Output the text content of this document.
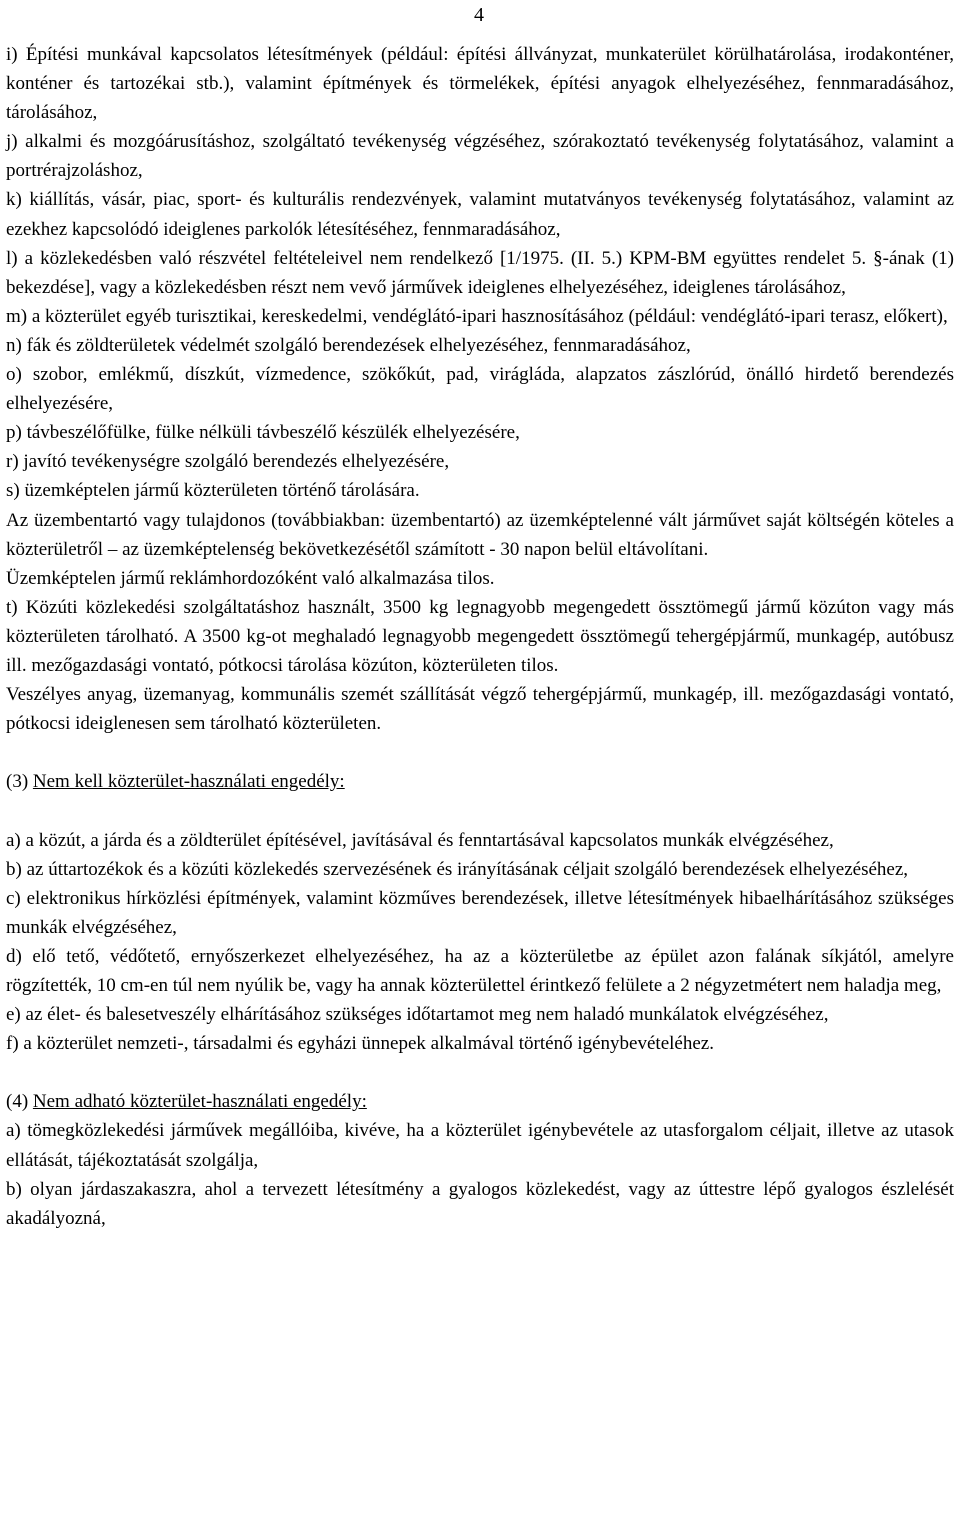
4

i) Építési munkával kapcsolatos létesítmények (például: építési állványzat, munkaterület körülhatárolása, irodakonténer, konténer és tartozékai stb.), valamint építmények és törmelékek, építési anyagok elhelyezéséhez, fennmaradásához, tárolásához,

j) alkalmi és mozgóárusításhoz, szolgáltató tevékenység végzéséhez, szórakoztató tevékenység folytatásához, valamint a portrérajzoláshoz,

k) kiállítás, vásár, piac, sport- és kulturális rendezvények, valamint mutatványos tevékenység folytatásához, valamint az ezekhez kapcsolódó ideiglenes parkolók létesítéséhez, fennmaradásához,

l) a közlekedésben való részvétel feltételeivel nem rendelkező [1/1975. (II. 5.) KPM-BM együttes rendelet 5. §-ának (1) bekezdése], vagy a közlekedésben részt nem vevő járművek ideiglenes elhelyezéséhez, ideiglenes tárolásához,

m) a közterület egyéb turisztikai, kereskedelmi, vendéglátó-ipari hasznosításához (például: vendéglátó-ipari terasz, előkert),

n) fák és zöldterületek védelmét szolgáló berendezések elhelyezéséhez, fennmaradásához,

o) szobor, emlékmű, díszkút, vízmedence, szökőkút, pad, virágláda, alapzatos zászlórúd, önálló hirdető berendezés elhelyezésére,

p) távbeszélőfülke, fülke nélküli távbeszélő készülék elhelyezésére,

r) javító tevékenységre szolgáló berendezés elhelyezésére,

s) üzemképtelen jármű közterületen történő tárolására.

Az üzembentartó vagy tulajdonos (továbbiakban: üzembentartó) az üzemképtelenné vált járművet saját költségén köteles a közterületről – az üzemképtelenség bekövetkezésétől számított - 30 napon belül eltávolítani.

Üzemképtelen jármű reklámhordozóként való alkalmazása tilos.

t) Közúti közlekedési szolgáltatáshoz használt, 3500 kg legnagyobb megengedett össztömegű jármű közúton vagy más közterületen tárolható. A 3500 kg-ot meghaladó legnagyobb megengedett össztömegű tehergépjármű, munkagép, autóbusz ill. mezőgazdasági vontató, pótkocsi tárolása közúton, közterületen tilos.

Veszélyes anyag, üzemanyag, kommunális szemét szállítását végző tehergépjármű, munkagép, ill. mezőgazdasági vontató, pótkocsi ideiglenesen sem tárolható közterületen.

(3) Nem kell közterület-használati engedély:

a) a közút, a járda és a zöldterület építésével, javításával és fenntartásával kapcsolatos munkák elvégzéséhez,

b) az úttartozékok és a közúti közlekedés szervezésének és irányításának céljait szolgáló berendezések elhelyezéséhez,

c) elektronikus hírközlési építmények, valamint közműves berendezések, illetve létesítmények hibaelhárításához szükséges munkák elvégzéséhez,

d) elő tető, védőtető, ernyőszerkezet elhelyezéséhez, ha az a közterületbe az épület azon falának síkjától, amelyre rögzítették, 10 cm-en túl nem nyúlik be, vagy ha annak közterülettel érintkező felülete a 2 négyzetmétert nem haladja meg,

e) az élet- és balesetveszély elhárításához szükséges időtartamot meg nem haladó munkálatok elvégzéséhez,

f) a közterület nemzeti-, társadalmi és egyházi ünnepek alkalmával történő igénybevételéhez.

(4) Nem adható közterület-használati engedély:

a) tömegközlekedési járművek megállóiba, kivéve, ha a közterület igénybevétele az utasforgalom céljait, illetve az utasok ellátását, tájékoztatását szolgálja,

b) olyan járdaszakaszra, ahol a tervezett létesítmény a gyalogos közlekedést, vagy az úttestre lépő gyalogos észlelését akadályozná,
